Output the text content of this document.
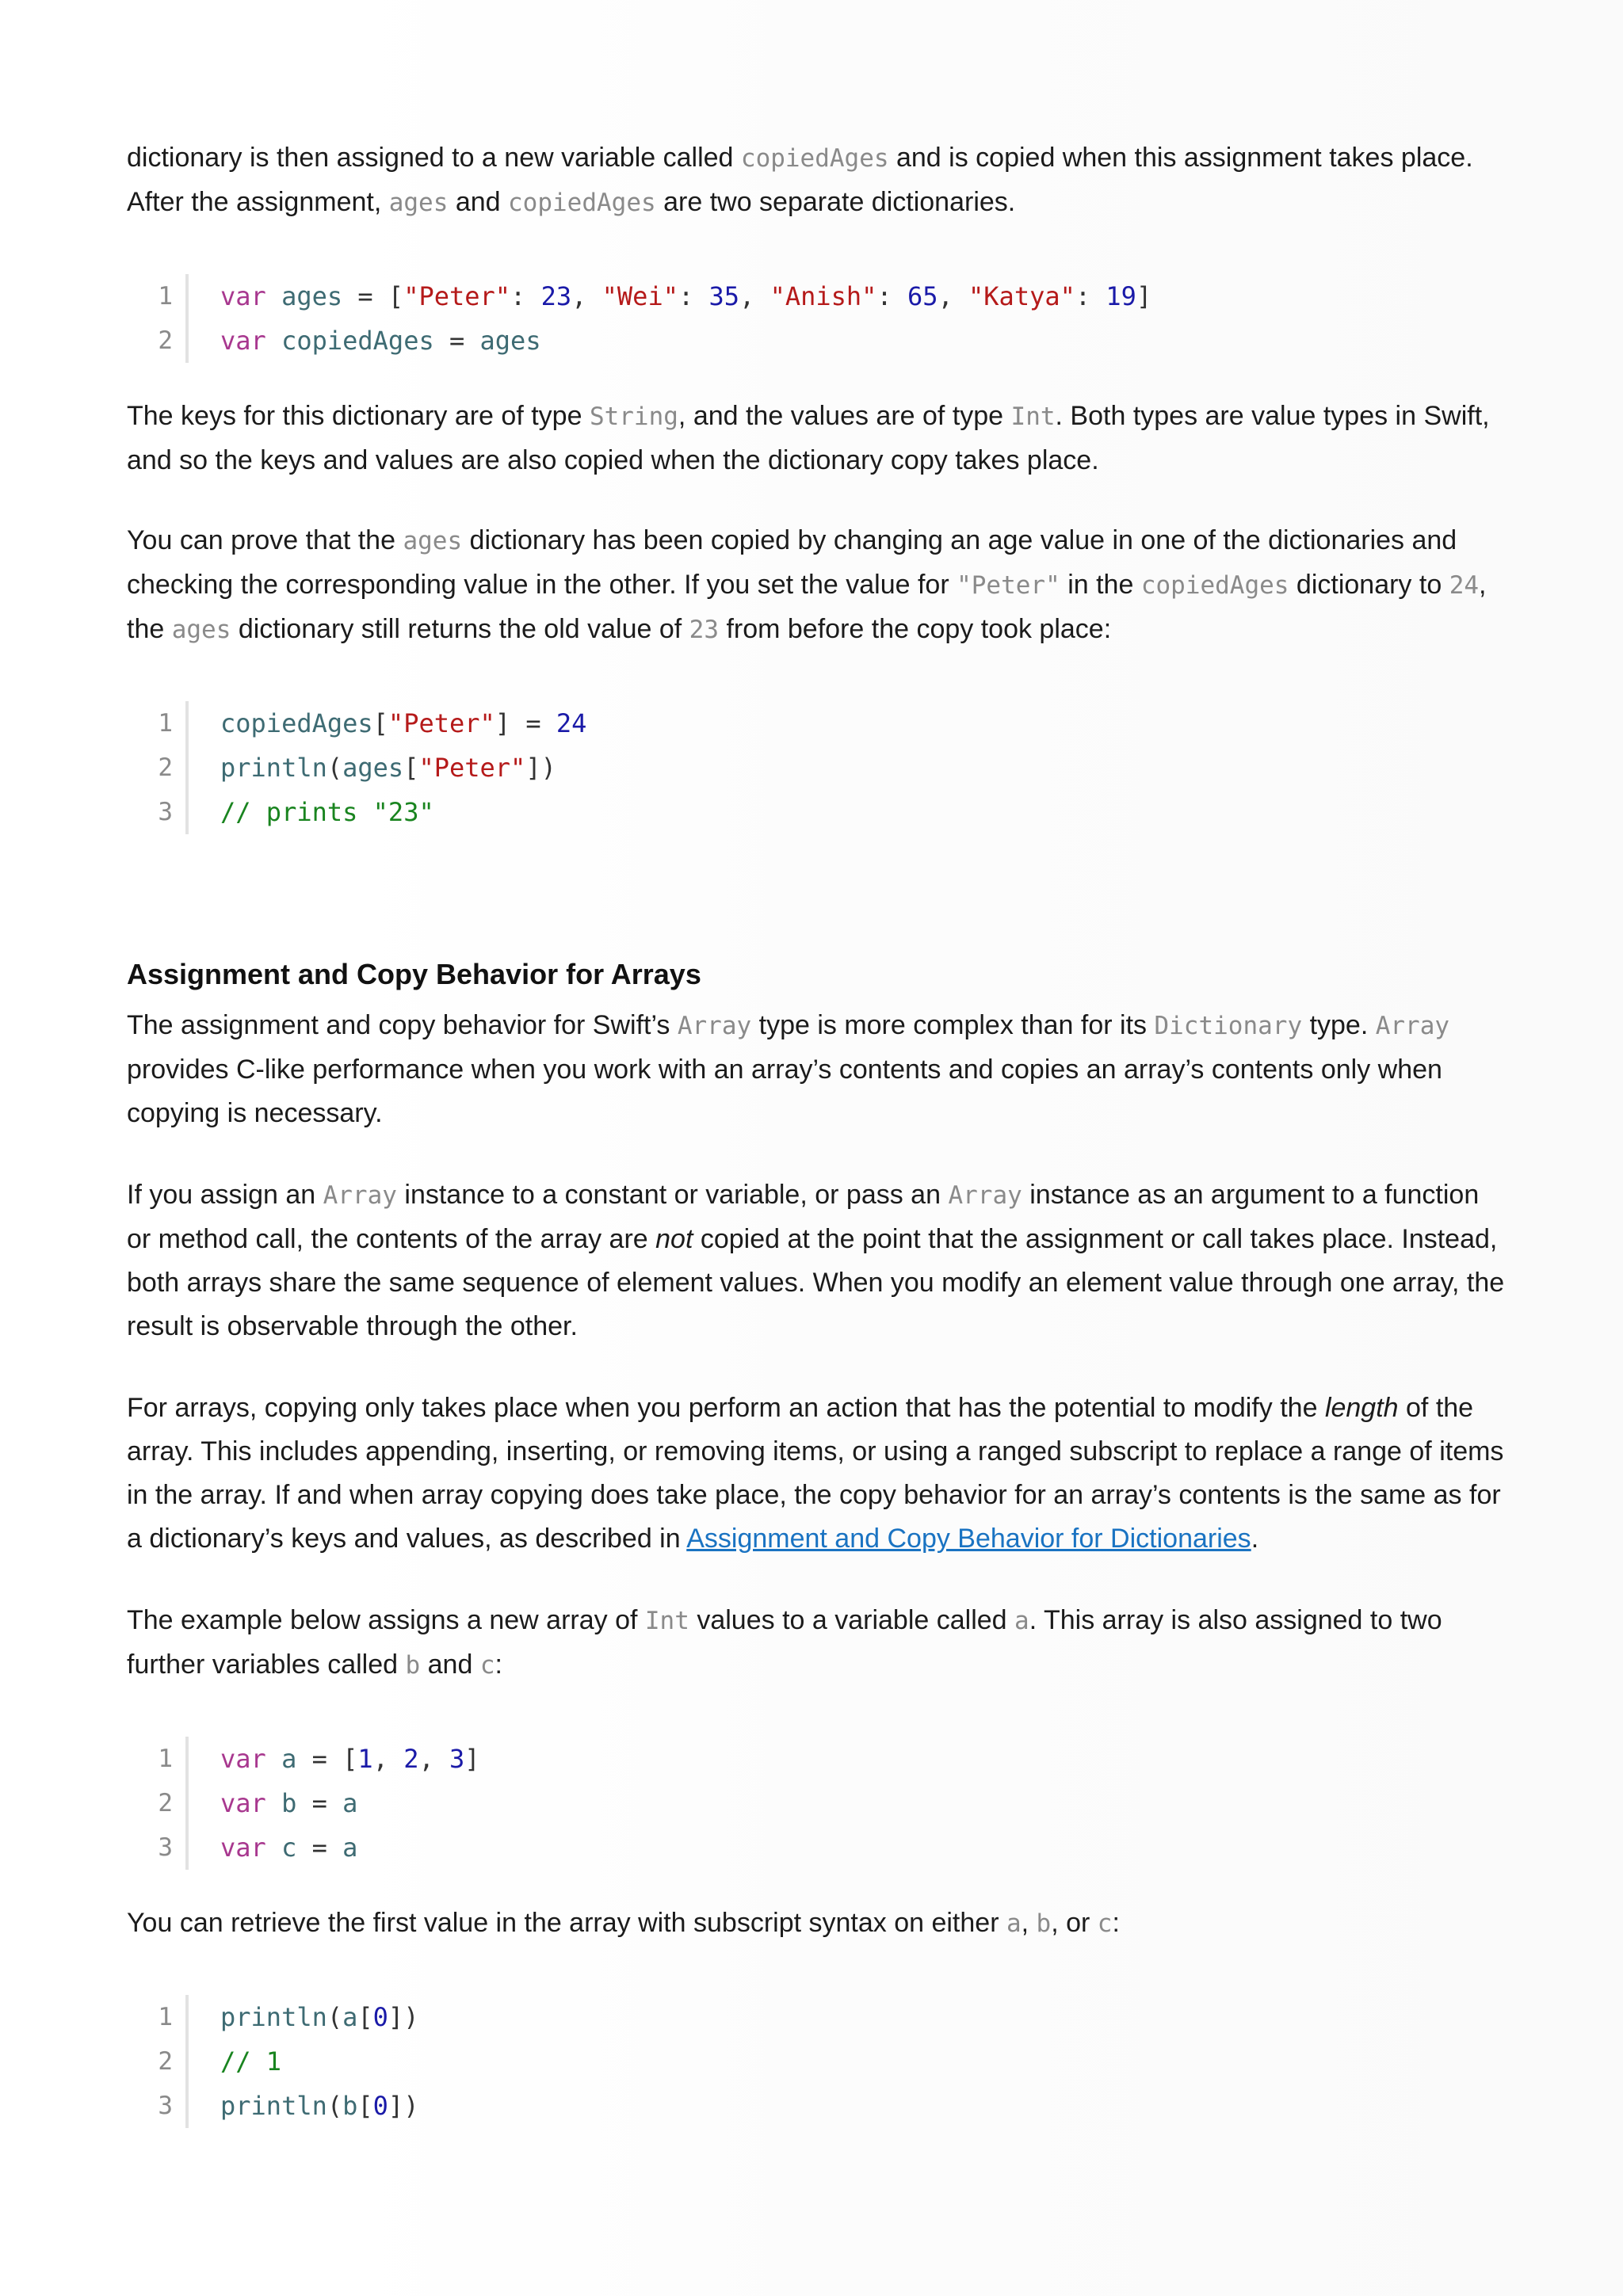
dictionary is then assigned to a new variable called copiedAges and is copied when this assignment takes place. After the assignment, ages and copiedAges are two separate dictionaries.

1	var ages = ["Peter": 23, "Wei": 35, "Anish": 65, "Katya": 19]
2	var copiedAges = ages

The keys for this dictionary are of type String, and the values are of type Int. Both types are value types in Swift, and so the keys and values are also copied when the dictionary copy takes place.

You can prove that the ages dictionary has been copied by changing an age value in one of the dictionaries and checking the corresponding value in the other. If you set the value for "Peter" in the copiedAges dictionary to 24, the ages dictionary still returns the old value of 23 from before the copy took place:

1	copiedAges["Peter"] = 24
2	println(ages["Peter"])
3	// prints "23"
Assignment and Copy Behavior for Arrays

The assignment and copy behavior for Swift’s Array type is more complex than for its Dictionary type. Array provides C-like performance when you work with an array’s contents and copies an array’s contents only when copying is necessary.

If you assign an Array instance to a constant or variable, or pass an Array instance as an argument to a function or method call, the contents of the array are not copied at the point that the assignment or call takes place. Instead, both arrays share the same sequence of element values. When you modify an element value through one array, the result is observable through the other.

For arrays, copying only takes place when you perform an action that has the potential to modify the length of the array. This includes appending, inserting, or removing items, or using a ranged subscript to replace a range of items in the array. If and when array copying does take place, the copy behavior for an array’s contents is the same as for a dictionary’s keys and values, as described in Assignment and Copy Behavior for Dictionaries.

The example below assigns a new array of Int values to a variable called a. This array is also assigned to two further variables called b and c:

1	var a = [1, 2, 3]
2	var b = a
3	var c = a

You can retrieve the first value in the array with subscript syntax on either a, b, or c:

1	println(a[0])
2	// 1
3	println(b[0])
